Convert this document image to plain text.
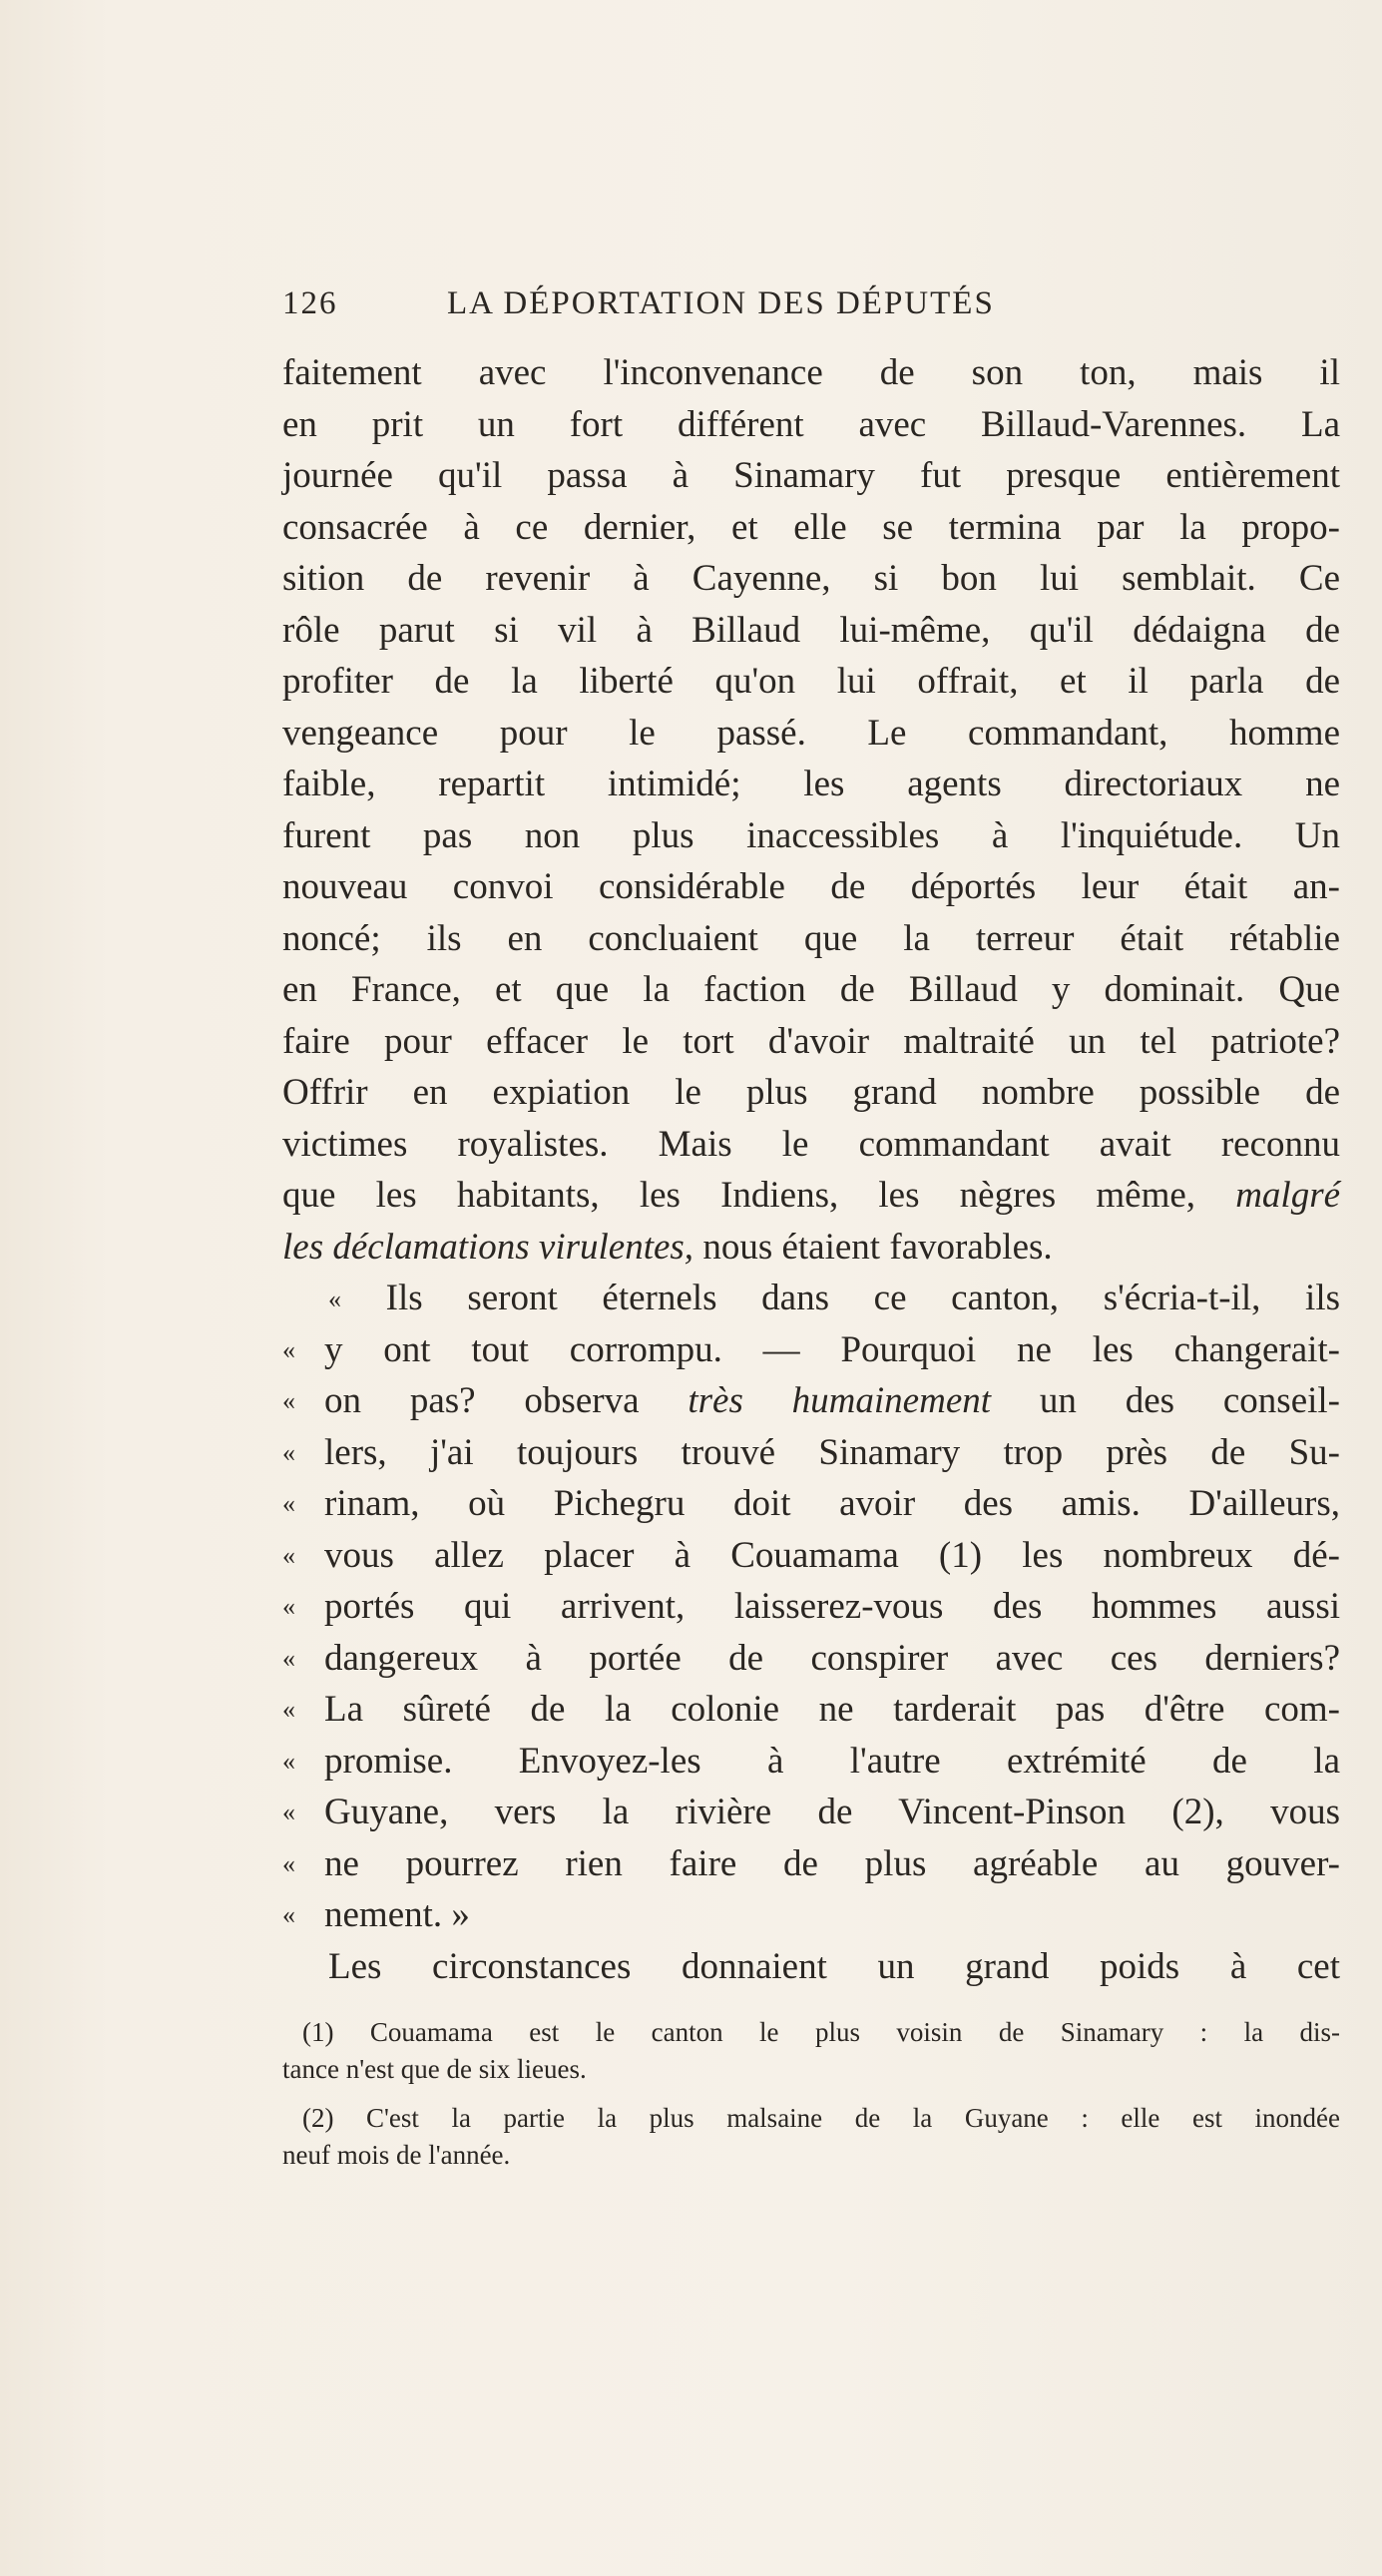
126	LA DÉPORTATION DES DÉPUTÉS
faitement avec l'inconvenance de son ton, mais il
en prit un fort différent avec Billaud-Varennes. La
journée qu'il passa à Sinamary fut presque entièrement
consacrée à ce dernier, et elle se termina par la propo-
sition de revenir à Cayenne, si bon lui semblait. Ce
rôle parut si vil à Billaud lui-même, qu'il dédaigna de
profiter de la liberté qu'on lui offrait, et il parla de
vengeance pour le passé. Le commandant, homme
faible, repartit intimidé; les agents directoriaux ne
furent pas non plus inaccessibles à l'inquiétude. Un
nouveau convoi considérable de déportés leur était an-
noncé; ils en concluaient que la terreur était rétablie
en France, et que la faction de Billaud y dominait. Que
faire pour effacer le tort d'avoir maltraité un tel patriote?
Offrir en expiation le plus grand nombre possible de
victimes royalistes. Mais le commandant avait reconnu
que les habitants, les Indiens, les nègres même, malgré
les déclamations virulentes, nous étaient favorables.
« Ils seront éternels dans ce canton, s'écria-t-il, ils
« y ont tout corrompu. — Pourquoi ne les changerait-
« on pas? observa très humainement un des conseil-
« lers, j'ai toujours trouvé Sinamary trop près de Su-
« rinam, où Pichegru doit avoir des amis. D'ailleurs,
« vous allez placer à Couamama (1) les nombreux dé-
« portés qui arrivent, laisserez-vous des hommes aussi
« dangereux à portée de conspirer avec ces derniers?
« La sûreté de la colonie ne tarderait pas d'être com-
« promise. Envoyez-les à l'autre extrémité de la
« Guyane, vers la rivière de Vincent-Pinson (2), vous
« ne pourrez rien faire de plus agréable au gouver-
« nement. »
Les circonstances donnaient un grand poids à cet
(1) Couamama est le canton le plus voisin de Sinamary : la dis-
tance n'est que de six lieues.
(2) C'est la partie la plus malsaine de la Guyane : elle est inondée
neuf mois de l'année.
